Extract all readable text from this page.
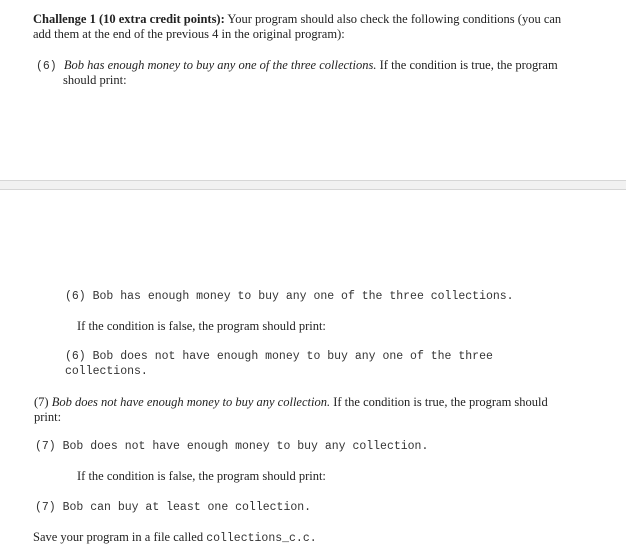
Challenge 1 (10 extra credit points): Your program should also check the following conditions (you can
add them at the end of the previous 4 in the original program):
(6) Bob has enough money to buy any one of the three collections. If the condition is true, the program
should print:
(6) Bob has enough money to buy any one of the three collections.
If the condition is false, the program should print:
(6) Bob does not have enough money to buy any one of the three
collections.
(7) Bob does not have enough money to buy any collection. If the condition is true, the program should
print:
(7) Bob does not have enough money to buy any collection.
If the condition is false, the program should print:
(7) Bob can buy at least one collection.
Save your program in a file called collections_c.c.
